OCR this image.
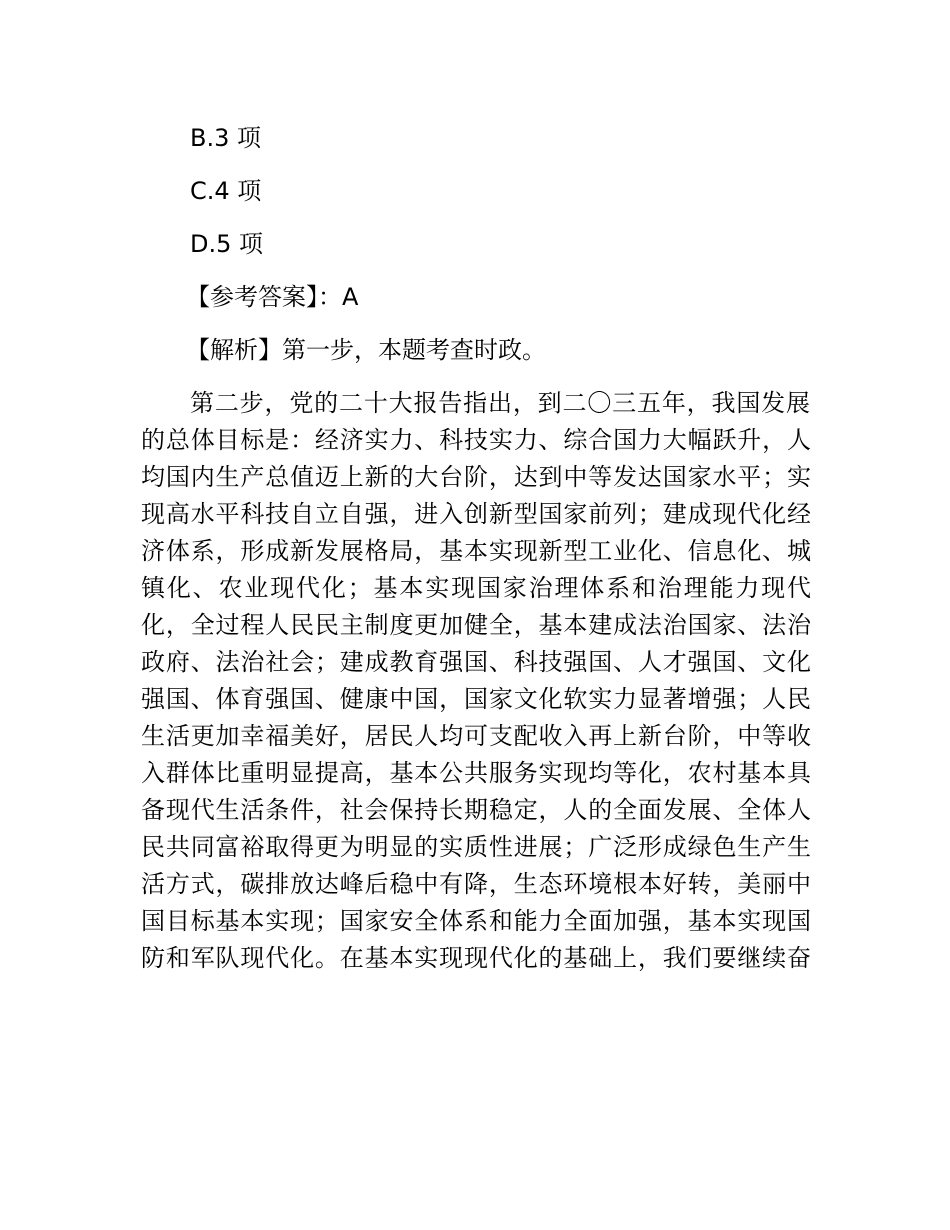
B.3 项
C.4 项
D.5 项
【参考答案】：A
【解析】第一步，本题考查时政。
第二步，党的二十大报告指出，到二〇三五年，我国发展
的总体目标是：经济实力、科技实力、综合国力大幅跃升，人
均国内生产总值迈上新的大台阶，达到中等发达国家水平；实
现高水平科技自立自强，进入创新型国家前列；建成现代化经
济体系，形成新发展格局，基本实现新型工业化、信息化、城
镇化、农业现代化；基本实现国家治理体系和治理能力现代
化，全过程人民民主制度更加健全，基本建成法治国家、法治
政府、法治社会；建成教育强国、科技强国、人才强国、文化
强国、体育强国、健康中国，国家文化软实力显著增强；人民
生活更加幸福美好，居民人均可支配收入再上新台阶，中等收
入群体比重明显提高，基本公共服务实现均等化，农村基本具
备现代生活条件，社会保持长期稳定，人的全面发展、全体人
民共同富裕取得更为明显的实质性进展；广泛形成绿色生产生
活方式，碳排放达峰后稳中有降，生态环境根本好转，美丽中
国目标基本实现；国家安全体系和能力全面加强，基本实现国
防和军队现代化。在基本实现现代化的基础上，我们要继续奋
